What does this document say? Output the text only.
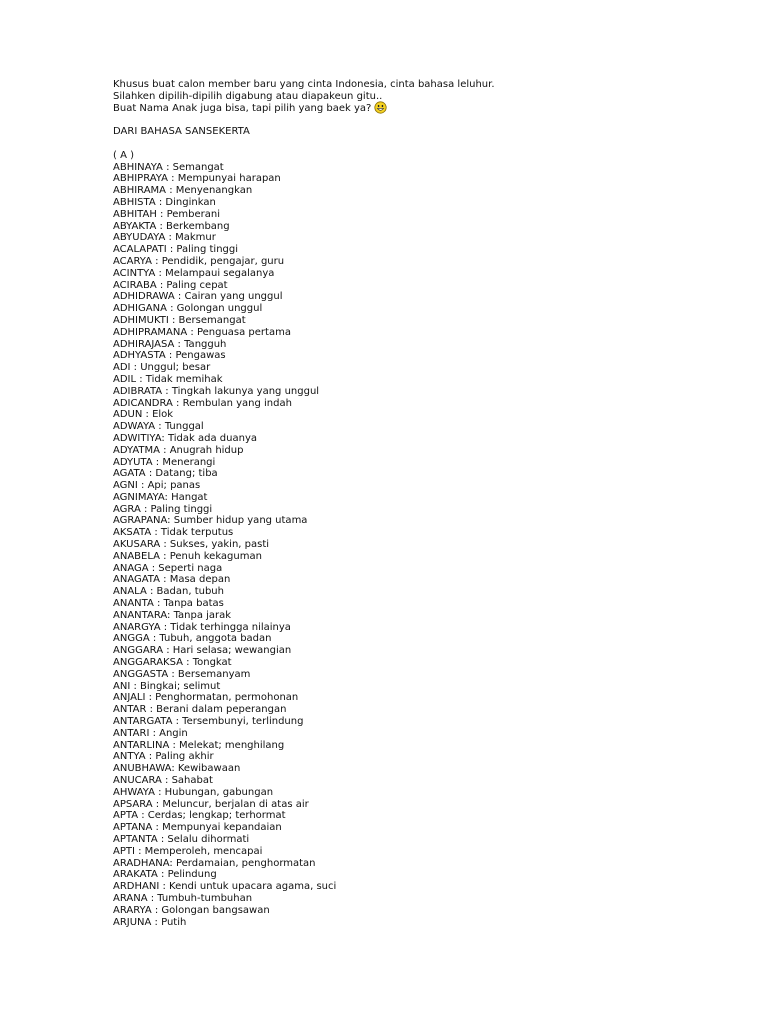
Khusus buat calon member baru yang cinta Indonesia, cinta bahasa leluhur.
Silahken dipilih-dipilih digabung atau diapakeun gitu..
Buat Nama Anak juga bisa, tapi pilih yang baek ya?
DARI BAHASA SANSEKERTA
( A )
ABHINAYA : Semangat
ABHIPRAYA : Mempunyai harapan
ABHIRAMA : Menyenangkan
ABHISTA : Dinginkan
ABHITAH : Pemberani
ABYAKTA : Berkembang
ABYUDAYA : Makmur
ACALAPATI : Paling tinggi
ACARYA : Pendidik, pengajar, guru
ACINTYA : Melampaui segalanya
ACIRABA : Paling cepat
ADHIDRAWA : Cairan yang unggul
ADHIGANA : Golongan unggul
ADHIMUKTI : Bersemangat
ADHIPRAMANA : Penguasa pertama
ADHIRAJASA : Tangguh
ADHYASTA : Pengawas
ADI : Unggul; besar
ADIL : Tidak memihak
ADIBRATA : Tingkah lakunya yang unggul
ADICANDRA : Rembulan yang indah
ADUN : Elok
ADWAYA : Tunggal
ADWITIYA: Tidak ada duanya
ADYATMA : Anugrah hidup
ADYUTA : Menerangi
AGATA : Datang; tiba
AGNI : Api; panas
AGNIMAYA: Hangat
AGRA : Paling tinggi
AGRAPANA: Sumber hidup yang utama
AKSATA : Tidak terputus
AKUSARA : Sukses, yakin, pasti
ANABELA : Penuh kekaguman
ANAGA : Seperti naga
ANAGATA : Masa depan
ANALA : Badan, tubuh
ANANTA : Tanpa batas
ANANTARA: Tanpa jarak
ANARGYA : Tidak terhingga nilainya
ANGGA : Tubuh, anggota badan
ANGGARA : Hari selasa; wewangian
ANGGARAKSA : Tongkat
ANGGASTA : Bersemanyam
ANI : Bingkai; selimut
ANJALI : Penghormatan, permohonan
ANTAR : Berani dalam peperangan
ANTARGATA : Tersembunyi, terlindung
ANTARI : Angin
ANTARLINA : Melekat; menghilang
ANTYA : Paling akhir
ANUBHAWA: Kewibawaan
ANUCARA : Sahabat
AHWAYA : Hubungan, gabungan
APSARA : Meluncur, berjalan di atas air
APTA : Cerdas; lengkap; terhormat
APTANA : Mempunyai kepandaian
APTANTA : Selalu dihormati
APTI : Memperoleh, mencapai
ARADHANA: Perdamaian, penghormatan
ARAKATA : Pelindung
ARDHANI : Kendi untuk upacara agama, suci
ARANA : Tumbuh-tumbuhan
ARARYA : Golongan bangsawan
ARJUNA : Putih
